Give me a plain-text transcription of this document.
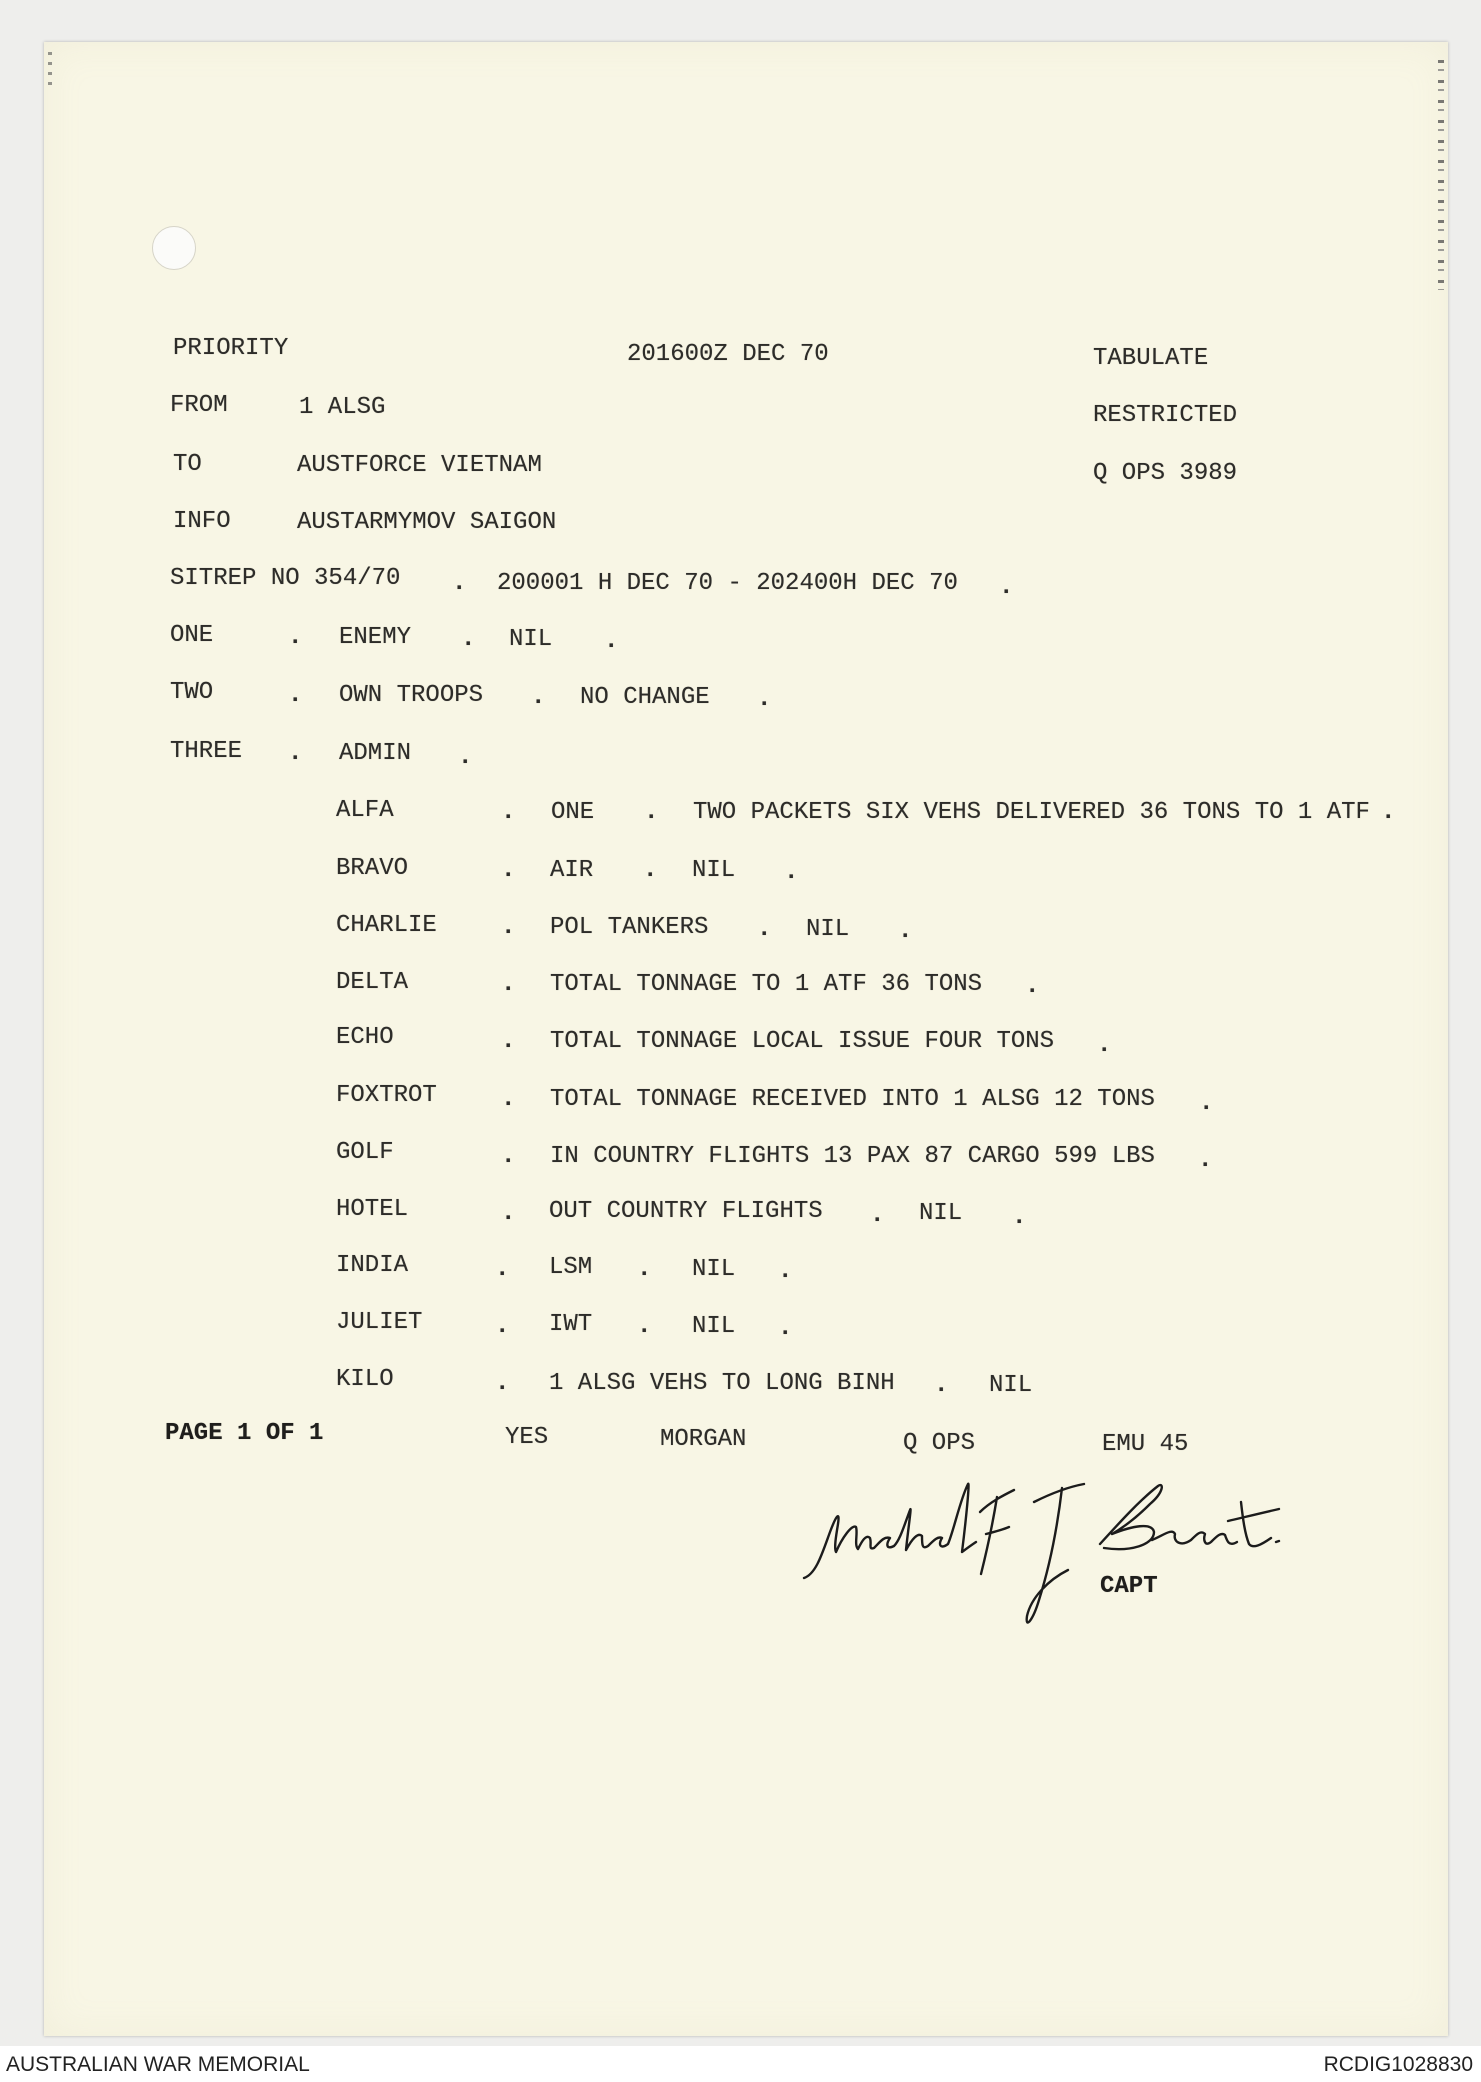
PRIORITY	201600Z DEC 70	TABULATE
FROM	1 ALSG	RESTRICTED
TO	AUSTFORCE VIETNAM	Q OPS 3989
INFO	AUSTARMYMOV SAIGON
SITREP NO 354/70 . 200001 H DEC 70 - 202400H DEC 70 .
ONE	. ENEMY . NIL .
TWO	. OWN TROOPS . NO CHANGE .
THREE . ADMIN .
ALFA	. ONE . TWO PACKETS SIX VEHS DELIVERED 36 TONS TO 1 ATF .
BRAVO	. AIR . NIL .
CHARLIE	. POL TANKERS . NIL .
DELTA	. TOTAL TONNAGE TO 1 ATF 36 TONS .
ECHO	. TOTAL TONNAGE LOCAL ISSUE FOUR TONS .
FOXTROT	. TOTAL TONNAGE RECEIVED INTO 1 ALSG 12 TONS .
GOLF	. IN COUNTRY FLIGHTS 13 PAX 87 CARGO 599 LBS .
HOTEL	. OUT COUNTRY FLIGHTS . NIL .
INDIA	. LSM . NIL .
JULIET	. IWT . NIL .
KILO	. 1 ALSG VEHS TO LONG BINH . NIL
PAGE 1 OF 1	YES	MORGAN	Q OPS	EMU 45
CAPT
AUSTRALIAN WAR MEMORIAL	RCDIG1028830
